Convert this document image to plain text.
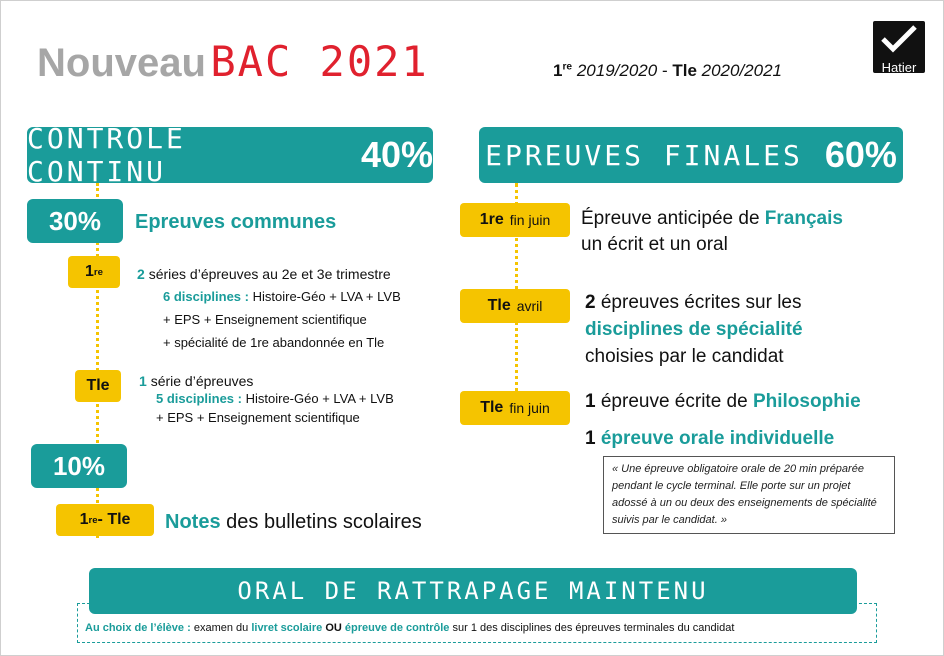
Nouveau BAC 2021	1re 2019/2020 - Tle 2020/2021	Hatier
CONTRÔLE CONTINU	40%
30%	Epreuves communes
1 re 2 séries d’épreuves au 2e et 3e trimestre
6 disciplines : Histoire-Géo + LVA + LVB
+ EPS + Enseignement scientifique
+ spécialité de 1re abandonnée en Tle
Tle	1 série d’épreuves
5 disciplines : Histoire-Géo + LVA + LVB
+ EPS + Enseignement scientifique
10%
1 re - Tle Notes des bulletins scolaires
EPREUVES FINALES 60%
1re fin juin Épreuve anticipée de Français
un écrit et un oral
Tle avril 2 épreuves écrites sur les
disciplines de spécialité
choisies par le candidat
Tle fin juin 1 épreuve écrite de Philosophie
1 épreuve orale individuelle
« Une épreuve obligatoire orale de 20 min préparée pendant le cycle terminal. Elle porte sur un projet adossé à un ou deux des enseignements de spécialité suivis par le candidat. »
ORAL DE RATTRAPAGE MAINTENU
Au choix de l’élève : examen du livret scolaire OU épreuve de contrôle sur 1 des disciplines des épreuves terminales du candidat
